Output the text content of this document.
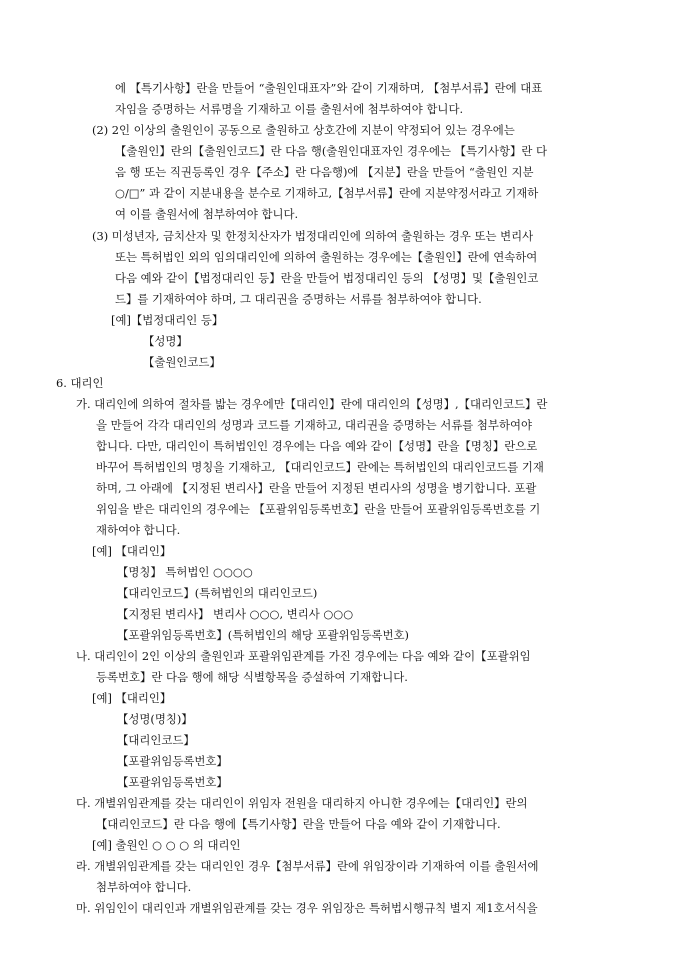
에 【특기사항】란을 만들어 “출원인대표자”와 같이 기재하며, 【첨부서류】란에 대표
자임을 증명하는 서류명을 기재하고 이를 출원서에 첨부하여야 합니다.
(2) 2인 이상의 출원인이 공동으로 출원하고 상호간에 지분이 약정되어 있는 경우에는
【출원인】란의【출원인코드】란 다음 행(출원인대표자인 경우에는 【특기사항】란 다
음 행 또는 직권등록인 경우【주소】란 다음행)에 【지분】란을 만들어 “출원인 지분
○/□” 과 같이 지분내용을 분수로 기재하고,【첨부서류】란에 지분약정서라고 기재하
여 이를 출원서에 첨부하여야 합니다.
(3) 미성년자, 금치산자 및 한정치산자가 법정대리인에 의하여 출원하는 경우 또는 변리사
또는 특허법인 외의 임의대리인에 의하여 출원하는 경우에는【출원인】란에 연속하여
다음 예와 같이【법정대리인 등】란을 만들어 법정대리인 등의 【성명】및【출원인코
드】를 기재하여야 하며, 그 대리권을 증명하는 서류를 첨부하여야 합니다.
[예]【법정대리인 등】
【성명】
【출원인코드】
6. 대리인
가. 대리인에 의하여 절차를 밟는 경우에만【대리인】란에 대리인의【성명】,【대리인코드】란
을 만들어 각각 대리인의 성명과 코드를 기재하고, 대리권을 증명하는 서류를 첨부하여야
합니다. 다만, 대리인이 특허법인인 경우에는 다음 예와 같이【성명】란을【명칭】란으로
바꾸어 특허법인의 명칭을 기재하고, 【대리인코드】란에는 특허법인의 대리인코드를 기재
하며, 그 아래에 【지정된 변리사】란을 만들어 지정된 변리사의 성명을 병기합니다. 포괄
위임을 받은 대리인의 경우에는 【포괄위임등록번호】란을 만들어 포괄위임등록번호를 기
재하여야 합니다.
[예] 【대리인】
【명칭】 특허법인 ○○○○
【대리인코드】(특허법인의 대리인코드)
【지정된 변리사】 변리사 ○○○, 변리사 ○○○
【포괄위임등록번호】(특허법인의 해당 포괄위임등록번호)
나. 대리인이 2인 이상의 출원인과 포괄위임관계를 가진 경우에는 다음 예와 같이【포괄위임
등록번호】란 다음 행에 해당 식별항목을 증설하여 기재합니다.
[예] 【대리인】
【성명(명칭)】
【대리인코드】
【포괄위임등록번호】
【포괄위임등록번호】
다. 개별위임관계를 갖는 대리인이 위임자 전원을 대리하지 아니한 경우에는【대리인】란의
【대리인코드】란 다음 행에【특기사항】란을 만들어 다음 예와 같이 기재합니다.
[예] 출원인 ○ ○ ○ 의 대리인
라. 개별위임관계를 갖는 대리인인 경우【첨부서류】란에 위임장이라 기재하여 이를 출원서에
첨부하여야 합니다.
마. 위임인이 대리인과 개별위임관계를 갖는 경우 위임장은 특허법시행규칙 별지 제1호서식을
